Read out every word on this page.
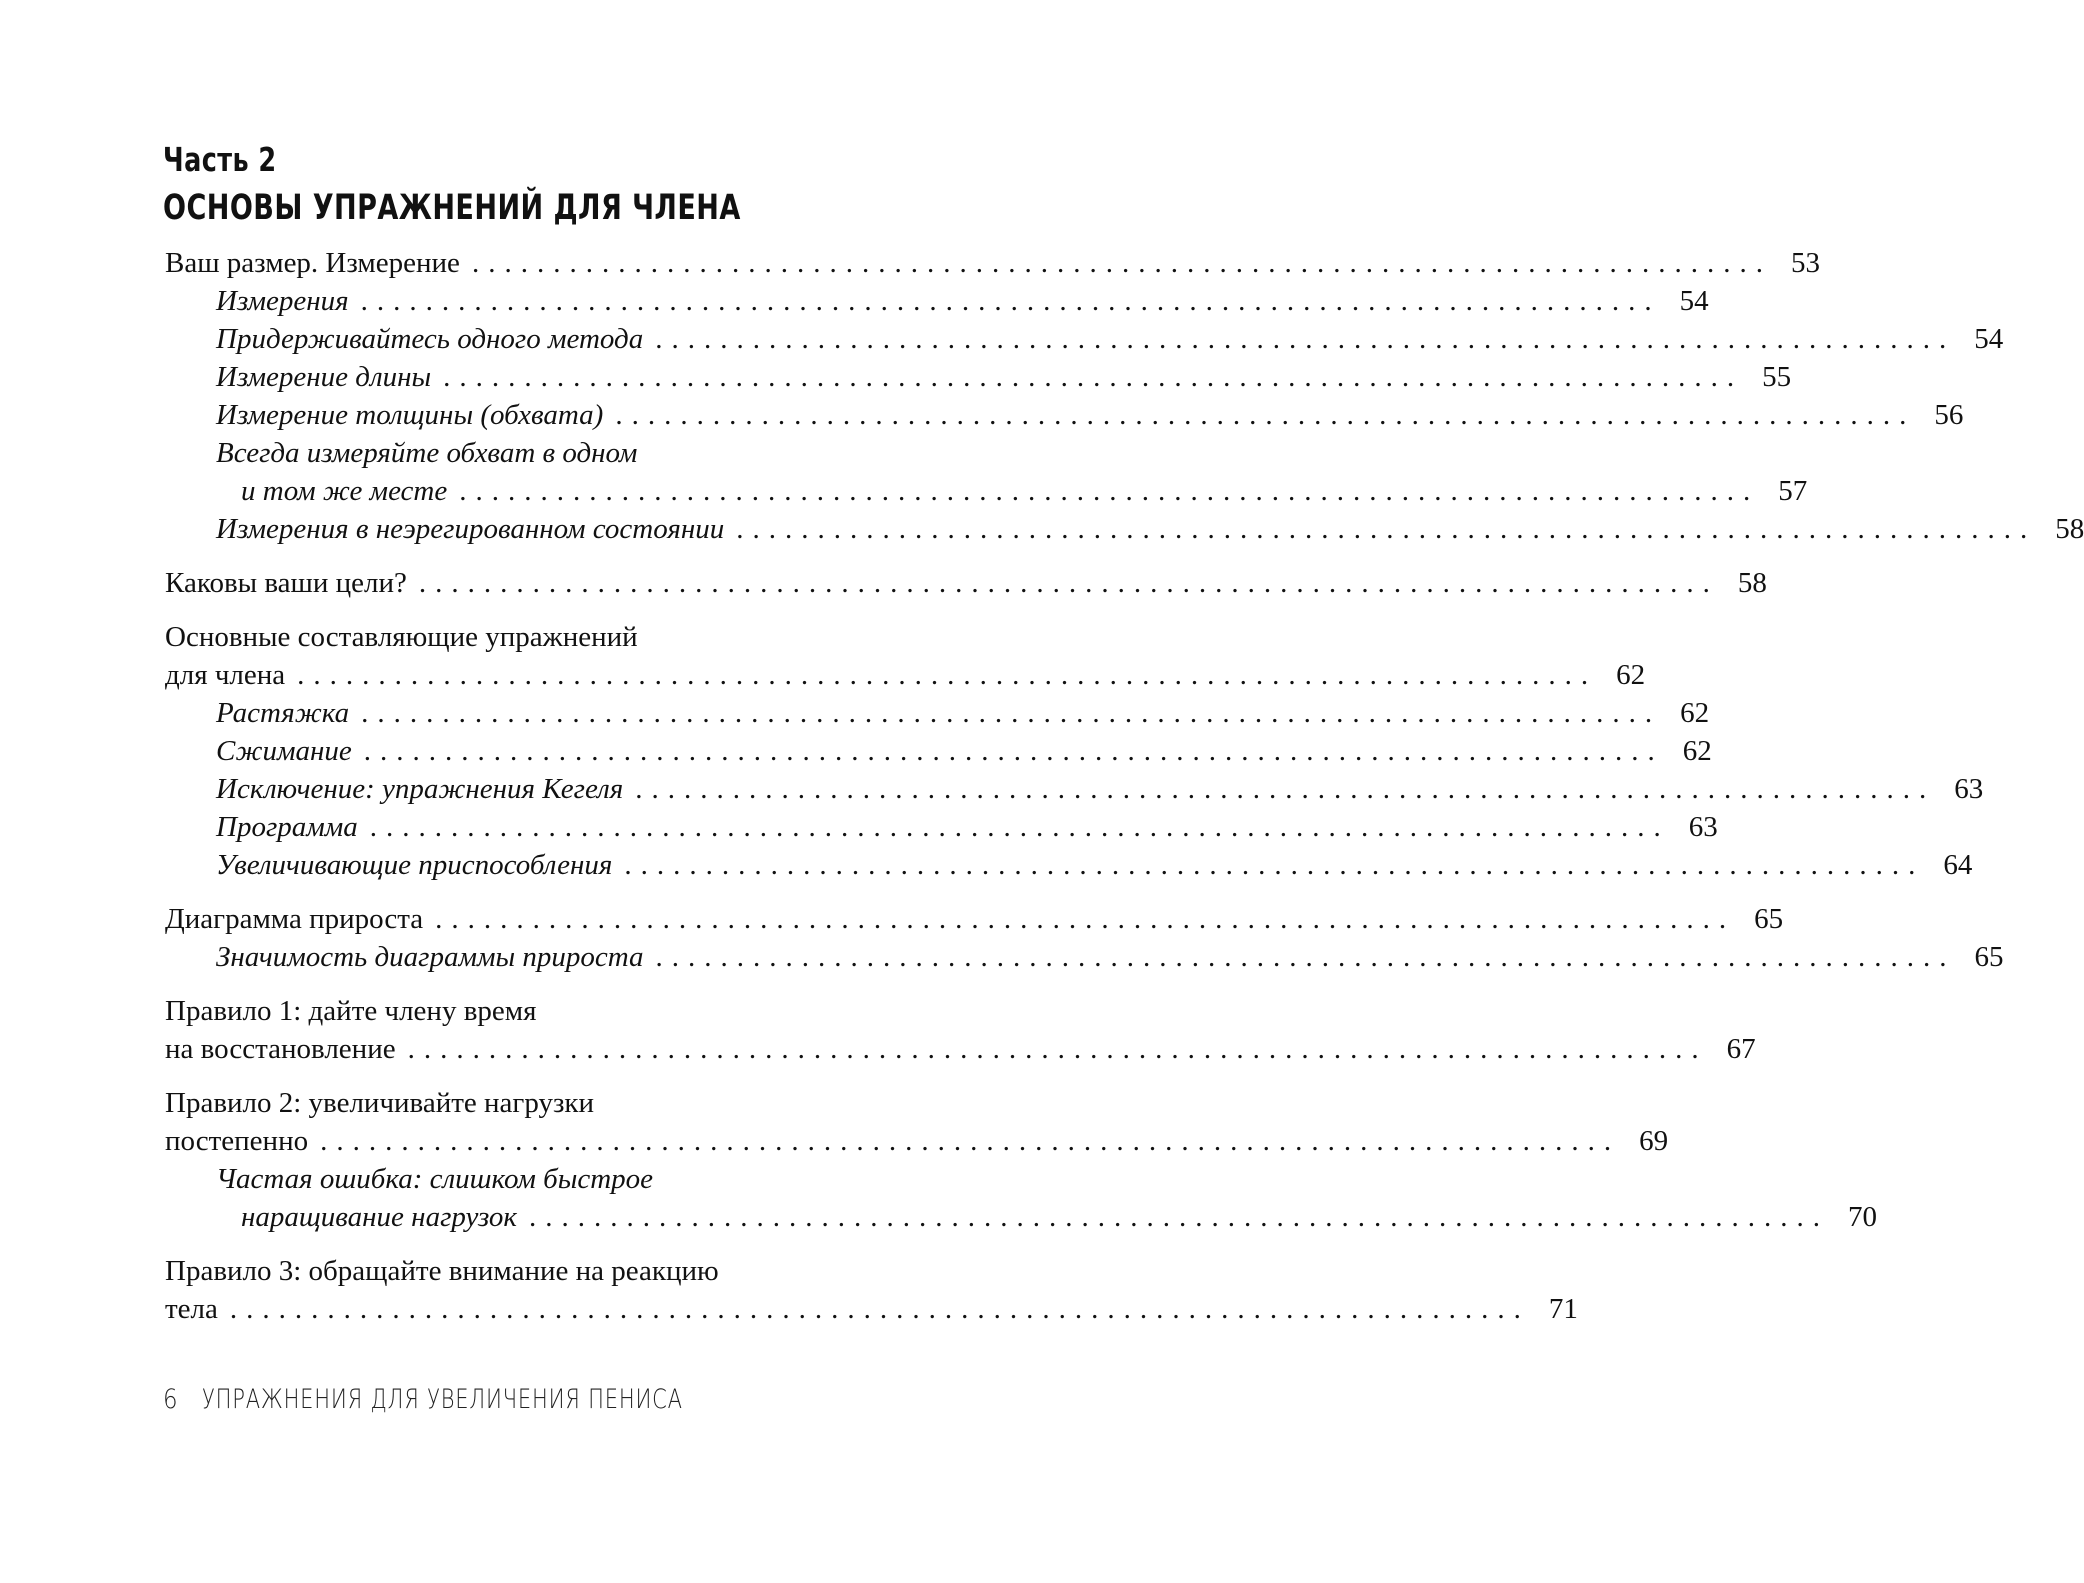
Часть 2
ОСНОВЫ УПРАЖНЕНИЙ ДЛЯ ЧЛЕНА
Ваш размер. Измерение ................................................................................ 53
Измерения ................................................................................ 54
Придерживайтесь одного метода ................................................................................ 54
Измерение длины ................................................................................ 55
Измерение толщины (обхвата) ................................................................................ 56
Всегда измеряйте обхват в одном
и том же месте ................................................................................ 57
Измерения в неэрегированном состоянии ................................................................................ 58
Каковы ваши цели? ................................................................................ 58
Основные составляющие упражнений
для члена ................................................................................ 62
Растяжка ................................................................................ 62
Сжимание ................................................................................ 62
Исключение: упражнения Кегеля ................................................................................ 63
Программа ................................................................................ 63
Увеличивающие приспособления ................................................................................ 64
Диаграмма прироста ................................................................................ 65
Значимость диаграммы прироста ................................................................................ 65
Правило 1: дайте члену время
на восстановление ................................................................................ 67
Правило 2: увеличивайте нагрузки
постепенно ................................................................................ 69
Частая ошибка: слишком быстрое
наращивание нагрузок ................................................................................ 70
Правило 3: обращайте внимание на реакцию
тела ................................................................................ 71
6 УПРАЖНЕНИЯ ДЛЯ УВЕЛИЧЕНИЯ ПЕНИСА
